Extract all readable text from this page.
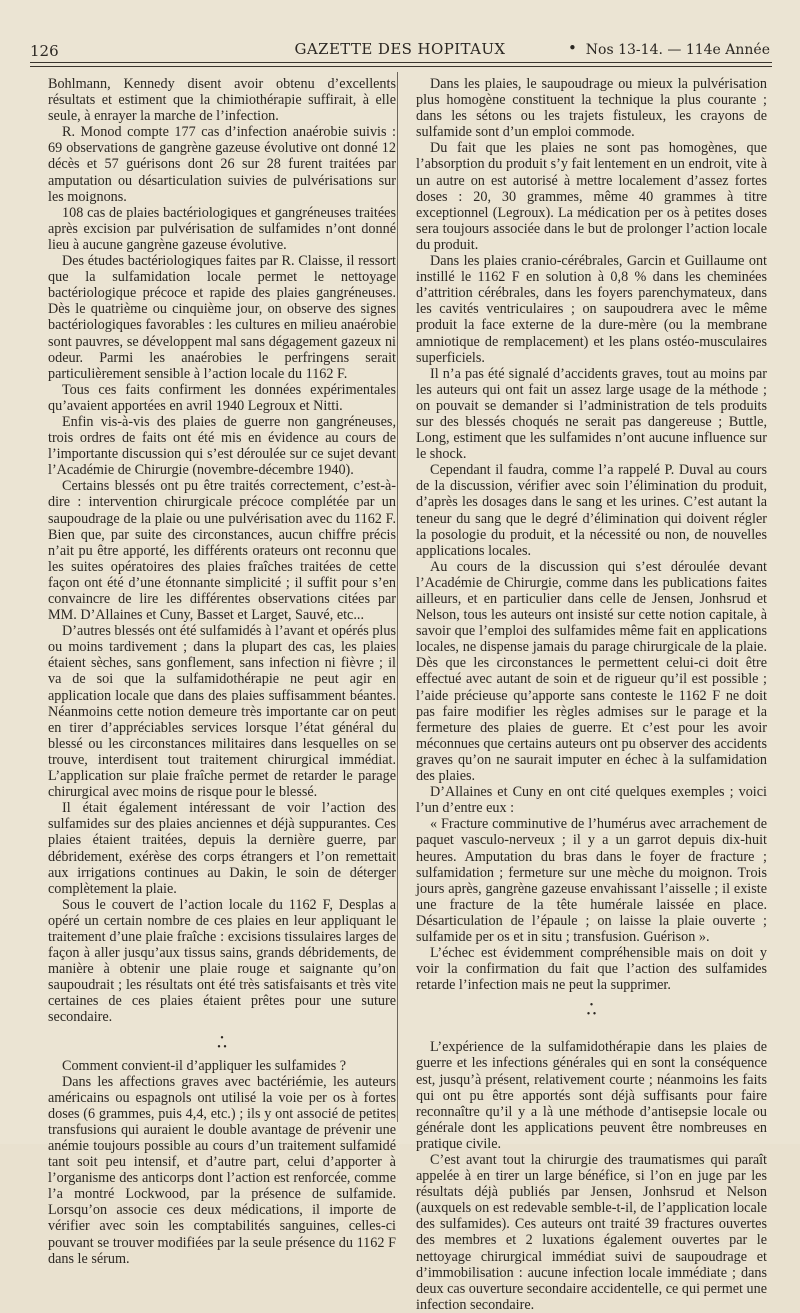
126	GAZETTE DES HOPITAUX	• Nos 13-14. — 114e Année

Bohlmann, Kennedy disent avoir obtenu d’excellents résultats et estiment que la chimiothérapie suffirait, à elle seule, à enrayer la marche de l’infection.

R. Monod compte 177 cas d’infection anaérobie suivis : 69 observations de gangrène gazeuse évolutive ont donné 12 décès et 57 guérisons dont 26 sur 28 furent traitées par amputation ou désarticulation suivies de pulvérisations sur les moignons.

108 cas de plaies bactériologiques et gangréneuses traitées après excision par pulvérisation de sulfamides n’ont donné lieu à aucune gangrène gazeuse évolutive.

Des études bactériologiques faites par R. Claisse, il ressort que la sulfamidation locale permet le nettoyage bactériologique précoce et rapide des plaies gangréneuses. Dès le quatrième ou cinquième jour, on observe des signes bactériologiques favorables : les cultures en milieu anaérobie sont pauvres, se développent mal sans dégagement gazeux ni odeur. Parmi les anaérobies le perfringens serait particulièrement sensible à l’action locale du 1162 F.

Tous ces faits confirment les données expérimentales qu’avaient apportées en avril 1940 Legroux et Nitti.

Enfin vis-à-vis des plaies de guerre non gangréneuses, trois ordres de faits ont été mis en évidence au cours de l’importante discussion qui s’est déroulée sur ce sujet devant l’Académie de Chirurgie (novembre-décembre 1940).

Certains blessés ont pu être traités correctement, c’est-à-dire : intervention chirurgicale précoce complétée par un saupoudrage de la plaie ou une pulvérisation avec du 1162 F. Bien que, par suite des circonstances, aucun chiffre précis n’ait pu être apporté, les différents orateurs ont reconnu que les suites opératoires des plaies fraîches traitées de cette façon ont été d’une étonnante simplicité ; il suffit pour s’en convaincre de lire les différentes observations citées par MM. D’Allaines et Cuny, Basset et Larget, Sauvé, etc...

D’autres blessés ont été sulfamidés à l’avant et opérés plus ou moins tardivement ; dans la plupart des cas, les plaies étaient sèches, sans gonflement, sans infection ni fièvre ; il va de soi que la sulfamidothérapie ne peut agir en application locale que dans des plaies suffisamment béantes. Néanmoins cette notion demeure très importante car on peut en tirer d’appréciables services lorsque l’état général du blessé ou les circonstances militaires dans lesquelles on se trouve, interdisent tout traitement chirurgical immédiat. L’application sur plaie fraîche permet de retarder le parage chirurgical avec moins de risque pour le blessé.

Il était également intéressant de voir l’action des sulfamides sur des plaies anciennes et déjà suppurantes. Ces plaies étaient traitées, depuis la dernière guerre, par débridement, exérèse des corps étrangers et l’on remettait aux irrigations continues au Dakin, le soin de déterger complètement la plaie.

Sous le couvert de l’action locale du 1162 F, Desplas a opéré un certain nombre de ces plaies en leur appliquant le traitement d’une plaie fraîche : excisions tissulaires larges de façon à aller jusqu’aux tissus sains, grands débridements, de manière à obtenir une plaie rouge et saignante qu’on saupoudrait ; les résultats ont été très satisfaisants et très vite certaines de ces plaies étaient prêtes pour une suture secondaire.

•
• •

Comment convient-il d’appliquer les sulfamides ?

Dans les affections graves avec bactériémie, les auteurs américains ou espagnols ont utilisé la voie per os à fortes doses (6 grammes, puis 4,4, etc.) ; ils y ont associé de petites transfusions qui auraient le double avantage de prévenir une anémie toujours possible au cours d’un traitement sulfamidé tant soit peu intensif, et d’autre part, celui d’apporter à l’organisme des anticorps dont l’action est renforcée, comme l’a montré Lockwood, par la présence de sulfamide. Lorsqu’on associe ces deux médications, il importe de vérifier avec soin les comptabilités sanguines, celles-ci pouvant se trouver modifiées par la seule présence du 1162 F dans le sérum.

Dans les plaies, le saupoudrage ou mieux la pulvérisation plus homogène constituent la technique la plus courante ; dans les sétons ou les trajets fistuleux, les crayons de sulfamide sont d’un emploi commode.

Du fait que les plaies ne sont pas homogènes, que l’absorption du produit s’y fait lentement en un endroit, vite à un autre on est autorisé à mettre localement d’assez fortes doses : 20, 30 grammes, même 40 grammes à titre exceptionnel (Legroux). La médication per os à petites doses sera toujours associée dans le but de prolonger l’action locale du produit.

Dans les plaies cranio-cérébrales, Garcin et Guillaume ont instillé le 1162 F en solution à 0,8 % dans les cheminées d’attrition cérébrales, dans les foyers parenchymateux, dans les cavités ventriculaires ; on saupoudrera avec le même produit la face externe de la dure-mère (ou la membrane amniotique de remplacement) et les plans ostéo-musculaires superficiels.

Il n’a pas été signalé d’accidents graves, tout au moins par les auteurs qui ont fait un assez large usage de la méthode ; on pouvait se demander si l’administration de tels produits sur des blessés choqués ne serait pas dangereuse ; Buttle, Long, estiment que les sulfamides n’ont aucune influence sur le shock.

Cependant il faudra, comme l’a rappelé P. Duval au cours de la discussion, vérifier avec soin l’élimination du produit, d’après les dosages dans le sang et les urines. C’est autant la teneur du sang que le degré d’élimination qui doivent régler la posologie du produit, et la nécessité ou non, de nouvelles applications locales.

Au cours de la discussion qui s’est déroulée devant l’Académie de Chirurgie, comme dans les publications faites ailleurs, et en particulier dans celle de Jensen, Jonhsrud et Nelson, tous les auteurs ont insisté sur cette notion capitale, à savoir que l’emploi des sulfamides même fait en applications locales, ne dispense jamais du parage chirurgicale de la plaie. Dès que les circonstances le permettent celui-ci doit être effectué avec autant de soin et de rigueur qu’il est possible ; l’aide précieuse qu’apporte sans conteste le 1162 F ne doit pas faire modifier les règles admises sur le parage et la fermeture des plaies de guerre. Et c’est pour les avoir méconnues que certains auteurs ont pu observer des accidents graves qu’on ne saurait imputer en échec à la sulfamidation des plaies.

D’Allaines et Cuny en ont cité quelques exemples ; voici l’un d’entre eux :

« Fracture comminutive de l’humérus avec arrachement de paquet vasculo-nerveux ; il y a un garrot depuis dix-huit heures. Amputation du bras dans le foyer de fracture ; sulfamidation ; fermeture sur une mèche du moignon. Trois jours après, gangrène gazeuse envahissant l’aisselle ; il existe une fracture de la tête humérale laissée en place. Désarticulation de l’épaule ; on laisse la plaie ouverte ; sulfamide per os et in situ ; transfusion. Guérison ».

L’échec est évidemment compréhensible mais on doit y voir la confirmation du fait que l’action des sulfamides retarde l’infection mais ne peut la supprimer.

•
• •

L’expérience de la sulfamidothérapie dans les plaies de guerre et les infections générales qui en sont la conséquence est, jusqu’à présent, relativement courte ; néanmoins les faits qui ont pu être apportés sont déjà suffisants pour faire reconnaître qu’il y a là une méthode d’antisepsie locale ou générale dont les applications peuvent être nombreuses en pratique civile.

C’est avant tout la chirurgie des traumatismes qui paraît appelée à en tirer un large bénéfice, si l’on en juge par les résultats déjà publiés par Jensen, Jonhsrud et Nelson (auxquels on est redevable semble-t-il, de l’application locale des sulfamides). Ces auteurs ont traité 39 fractures ouvertes des membres et 2 luxations également ouvertes par le nettoyage chirurgical immédiat suivi de saupoudrage et d’immobilisation : aucune infection locale immédiate ; dans deux cas ouverture secondaire accidentelle, ce qui permet une infection secondaire.
